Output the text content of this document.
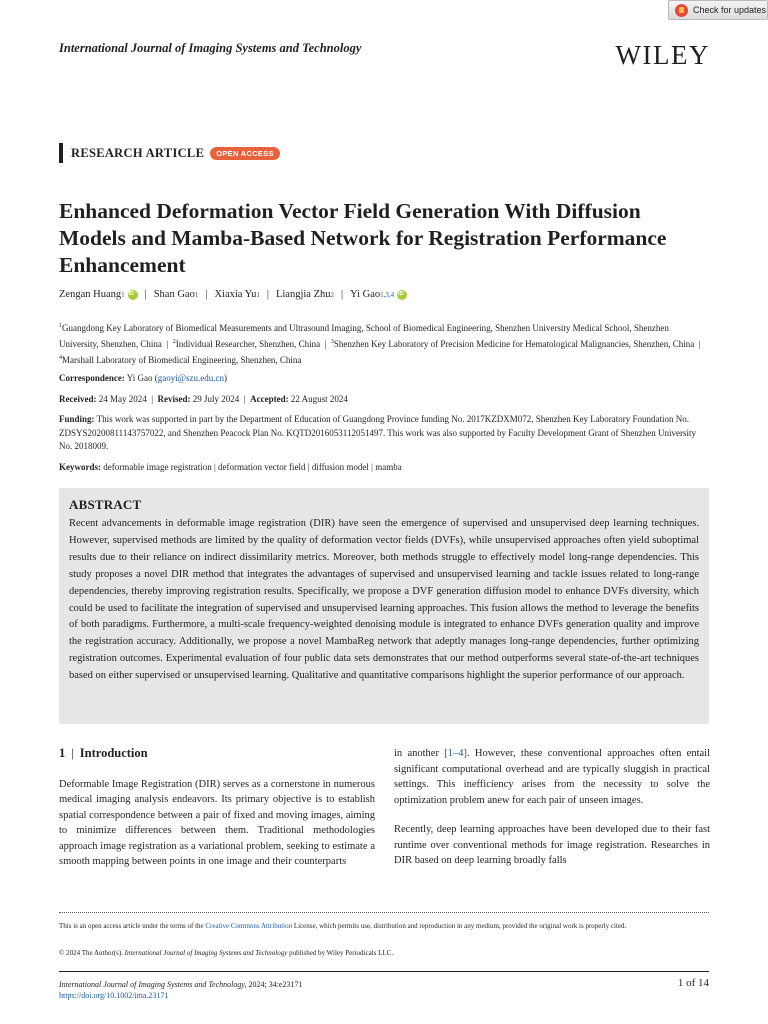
Check for updates
International Journal of Imaging Systems and Technology	WILEY
RESEARCH ARTICLE	OPEN ACCESS
Enhanced Deformation Vector Field Generation With Diffusion Models and Mamba-Based Network for Registration Performance Enhancement
Zengan Huang 1
iD | Shan Gao 1 | Xiaxia Yu 1 | Liangjia Zhu 2 | Yi Gao 1,3,4
iD
$^1$Guangdong Key Laboratory of Biomedical Measurements and Ultrasound Imaging, School of Biomedical Engineering, Shenzhen University Medical School, Shenzhen University, Shenzhen, China  |  $^2$Individual Researcher, Shenzhen, China  |  $^3$Shenzhen Key Laboratory of Precision Medicine for Hematological Malignancies, Shenzhen, China  |  $^4$Marshall Laboratory of Biomedical Engineering, Shenzhen, China
Correspondence: Yi Gao (gaoyi@szu.edu.cn)
Received: 24 May 2024  |  Revised: 29 July 2024  |  Accepted: 22 August 2024
Funding: This work was supported in part by the Department of Education of Guangdong Province funding No. 2017KZDXM072, Shenzhen Key Laboratory Foundation No. ZDSYS20200811143757022, and Shenzhen Peacock Plan No. KQTD2016053112051497. This work was also supported by Faculty Development Grant of Shenzhen University No. 2018009.
Keywords: deformable image registration | deformation vector field | diffusion model | mamba
ABSTRACT

Recent advancements in deformable image registration (DIR) have seen the emergence of supervised and unsupervised deep learning techniques. However, supervised methods are limited by the quality of deformation vector fields (DVFs), while unsupervised approaches often yield suboptimal results due to their reliance on indirect dissimilarity metrics. Moreover, both methods struggle to effectively model long-range dependencies. This study proposes a novel DIR method that integrates the advantages of supervised and unsupervised learning and tackle issues related to long-range dependencies, thereby improving registration results. Specifically, we propose a DVF generation diffusion model to enhance DVFs diversity, which could be used to facilitate the integration of supervised and unsupervised learning approaches. This fusion allows the method to leverage the benefits of both paradigms. Furthermore, a multi-scale frequency-weighted denoising module is integrated to enhance DVFs generation quality and improve the registration accuracy. Additionally, we propose a novel MambaReg network that adeptly manages long-range dependencies, further optimizing registration outcomes. Experimental evaluation of four public data sets demonstrates that our method outperforms several state-of-the-art techniques based on either supervised or unsupervised learning. Qualitative and quantitative comparisons highlight the superior performance of our approach.

1 | Introduction

Deformable Image Registration (DIR) serves as a cornerstone in numerous medical imaging analysis endeavors. Its primary objective is to establish spatial correspondence between a pair of fixed and moving images, aiming to minimize differences between them. Traditional methodologies approach image registration as a variational problem, seeking to estimate a smooth mapping between points in one image and their counterparts

in another [1–4]. However, these conventional approaches often entail significant computational overhead and are typically sluggish in practical settings. This inefficiency arises from the necessity to solve the optimization problem anew for each pair of unseen images.

Recently, deep learning approaches have been developed due to their fast runtime over conventional methods for image registration. Researches in DIR based on deep learning broadly falls

This is an open access article under the terms of the Creative Commons Attribution License, which permits use, distribution and reproduction in any medium, provided the original work is properly cited.
© 2024 The Author(s). International Journal of Imaging Systems and Technology published by Wiley Periodicals LLC.
International Journal of Imaging Systems and Technology, 2024; 34:e23171
https://doi.org/10.1002/ima.23171
1 of 14
